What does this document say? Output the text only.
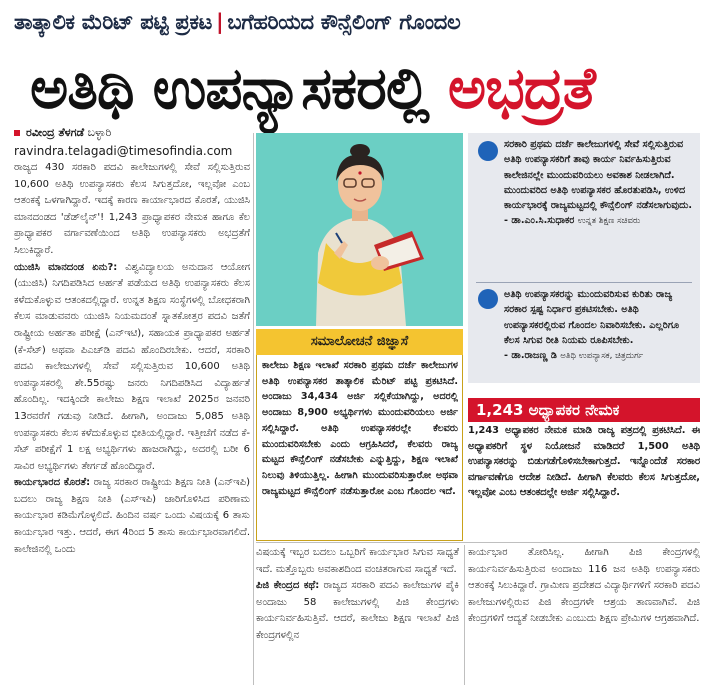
ತಾತ್ಕಾಲಿಕ ಮೆರಿಟ್ ಪಟ್ಟಿ ಪ್ರಕಟ | ಬಗೆಹರಿಯದ ಕೌನ್ಸೆಲಿಂಗ್ ಗೊಂದಲ
ಅತಿಥಿ ಉಪನ್ಯಾಸಕರಲ್ಲಿ ಅಭದ್ರತೆ
ರವೀಂದ್ರ ತೆಳಗಡೆ ಬಳ್ಳಾರಿ
ravindra.telagadi@timesofindia.com

ರಾಜ್ಯದ 430 ಸರಕಾರಿ ಪದವಿ ಕಾಲೇಜುಗಳಲ್ಲಿ ಸೇವೆ ಸಲ್ಲಿಸುತ್ತಿರುವ 10,600 ಅತಿಥಿ ಉಪನ್ಯಾಸಕರು ಕೆಲಸ ಸಿಗುತ್ತದೋ, ಇಲ್ಲವೋ ಎಂಬ ಆತಂಕಕ್ಕೆ ಒಳಗಾಗಿದ್ದಾರೆ. ಇದಕ್ಕೆ ಕಾರಣ ಕಾರ್ಯಾಭಾರದ ಕೊರತೆ, ಯುಜಿಸಿ ಮಾನದಂಡದ 'ಡೆಡ್‌ಲೈನ್'! 1,243 ಪ್ರಾಧ್ಯಾಪಕರ ನೇಮಕ ಹಾಗೂ ಕೆಲ ಪ್ರಾಧ್ಯಾಪಕರ ವರ್ಗಾವಣೆಯಿಂದ ಅತಿಥಿ ಉಪನ್ಯಾಸಕರು ಅಭದ್ರತೆಗೆ ಸಿಲುಕಿದ್ದಾರೆ.

ಯುಜಿಸಿ ಮಾನದಂಡ ಏನು?: ವಿಶ್ವವಿದ್ಯಾಲಯ ಅನುದಾನ ಆಯೋಗ (ಯುಜಿಸಿ) ನಿಗದಿಪಡಿಸಿದ ಅರ್ಹತೆ ಪಡೆಯದ ಅತಿಥಿ ಉಪನ್ಯಾಸಕರು ಕೆಲಸ ಕಳೆದುಕೊಳ್ಳುವ ಆತಂಕದಲ್ಲಿದ್ದಾರೆ. ಉನ್ನತ ಶಿಕ್ಷಣ ಸಂಸ್ಥೆಗಳಲ್ಲಿ ಬೋಧಕರಾಗಿ ಕೆಲಸ ಮಾಡುವವರು ಯುಜಿಸಿ ನಿಯಮದಂತೆ ಸ್ನಾತಕೋತ್ತರ ಪದವಿ ಜತೆಗೆ ರಾಷ್ಟ್ರೀಯ ಅರ್ಹತಾ ಪರೀಕ್ಷೆ (ಎನ್‌ಇಟಿ), ಸಹಾಯಕ ಪ್ರಾಧ್ಯಾಪಕರ ಅರ್ಹತೆ (ಕೆ-ಸೆಟ್) ಅಥವಾ ಪಿಎಚ್‌ಡಿ ಪದವಿ ಹೊಂದಿರಬೇಕು. ಆದರೆ, ಸರಕಾರಿ ಪದವಿ ಕಾಲೇಜುಗಳಲ್ಲಿ ಸೇವೆ ಸಲ್ಲಿಸುತ್ತಿರುವ 10,600 ಅತಿಥಿ ಉಪನ್ಯಾಸಕರಲ್ಲಿ ಶೇ.55ರಷ್ಟು ಜನರು ನಿಗದಿಪಡಿಸಿದ ವಿದ್ಯಾರ್ಹತೆ ಹೊಂದಿಲ್ಲ. ಇದಕ್ಕಿಂದೇ ಕಾಲೇಜು ಶಿಕ್ಷಣ ಇಲಾಖೆ 2025ರ ಜನವರಿ 13ರವರೆಗೆ ಗಡುವು ನೀಡಿದೆ. ಹೀಗಾಗಿ, ಅಂದಾಜು 5,085 ಅತಿಥಿ ಉಪನ್ಯಾಸಕರು ಕೆಲಸ ಕಳೆದುಕೊಳ್ಳುವ ಭೀತಿಯಲ್ಲಿದ್ದಾರೆ. ಇತ್ತೀಚೆಗೆ ನಡೆದ ಕೆ-ಸೆಟ್ ಪರೀಕ್ಷೆಗೆ 1 ಲಕ್ಷ ಅಭ್ಯರ್ಥಿಗಳು ಹಾಜರಾಗಿದ್ದು, ಅದರಲ್ಲಿ ಬರೀ 6 ಸಾವಿರ ಅಭ್ಯರ್ಥಿಗಳು ತೇರ್ಗಡೆ ಹೊಂದಿದ್ದಾರೆ.

ಕಾರ್ಯಭಾರದ ಕೊರತೆ: ರಾಜ್ಯ ಸರಕಾರ ರಾಷ್ಟ್ರೀಯ ಶಿಕ್ಷಣ ನೀತಿ (ಎನ್‌ಇಪಿ) ಬದಲು ರಾಜ್ಯ ಶಿಕ್ಷಣ ನೀತಿ (ಎಸ್‌ಇಪಿ) ಜಾರಿಗೊಳಿಸಿದ ಪರಿಣಾಮ ಕಾರ್ಯಭಾರ ಕಡಿಮೆಗೊಳ್ಳಲಿದೆ. ಹಿಂದಿನ ವರ್ಷ ಒಂದು ವಿಷಯಕ್ಕೆ 6 ತಾಸು ಕಾರ್ಯಭಾರ ಇತ್ತು. ಆದರೆ, ಈಗ 4ರಿಂದ 5 ತಾಸು ಕಾರ್ಯಭಾರವಾಗಲಿದೆ. ಕಾಲೇಜಿನಲ್ಲಿ ಒಂದು

ಸಮಾಲೋಚನೆ ಜಿಜ್ಞಾಸೆ
ಕಾಲೇಜು ಶಿಕ್ಷಣ ಇಲಾಖೆ ಸರಕಾರಿ ಪ್ರಥಮ ದರ್ಜೆ ಕಾಲೇಜುಗಳ ಅತಿಥಿ ಉಪನ್ಯಾಸಕರ ತಾತ್ಕಾಲಿಕ ಮೆರಿಟ್ ಪಟ್ಟಿ ಪ್ರಕಟಿಸಿದೆ. ಅಂದಾಜು 34,434 ಅರ್ಜಿ ಸಲ್ಲಿಕೆಯಾಗಿದ್ದು, ಅದರಲ್ಲಿ ಅಂದಾಜು 8,900 ಅಭ್ಯರ್ಥಿಗಳು ಮುಂದುವರಿಯಲು ಅರ್ಜಿ ಸಲ್ಲಿಸಿದ್ದಾರೆ. ಅತಿಥಿ ಉಪನ್ಯಾಸಕರಲ್ಲೇ ಕೆಲವರು ಮುಂದುವರಿಸಬೇಕು ಎಂದು ಆಗ್ರಹಿಸಿದರೆ, ಕೆಲವರು ರಾಜ್ಯ ಮಟ್ಟದ ಕೌನ್ಸೆಲಿಂಗ್ ನಡೆಸಬೇಕು ಎನ್ನುತ್ತಿದ್ದು, ಶಿಕ್ಷಣ ಇಲಾಖೆ ನಿಲುವು ತಿಳಿಯುತ್ತಿಲ್ಲ. ಹೀಗಾಗಿ ಮುಂದುವರಿಸುತ್ತಾರೋ ಅಥವಾ ರಾಜ್ಯಮಟ್ಟದ ಕೌನ್ಸೆಲಿಂಗ್ ನಡೆಸುತ್ತಾರೋ ಎಂಬ ಗೊಂದಲ ಇದೆ.
ಸರಕಾರಿ ಪ್ರಥಮ ದರ್ಜೆ ಕಾಲೇಜುಗಳಲ್ಲಿ ಸೇವೆ ಸಲ್ಲಿಸುತ್ತಿರುವ ಅತಿಥಿ ಉಪನ್ಯಾಸಕರಿಗೆ ತಾವು ಕಾರ್ಯ ನಿರ್ವಹಿಸುತ್ತಿರುವ ಕಾಲೇಜಿನಲ್ಲೇ ಮುಂದುವರಿಯಲು ಅವಕಾಶ ನೀಡಲಾಗಿದೆ. ಮುಂದುವರಿದ ಅತಿಥಿ ಉಪನ್ಯಾಸಕರ ಹೊರತುಪಡಿಸಿ, ಉಳಿದ ಕಾರ್ಯಭಾರಕ್ಕೆ ರಾಜ್ಯಮಟ್ಟದಲ್ಲಿ ಕೌನ್ಸೆಲಿಂಗ್ ನಡೆಸಲಾಗುವುದು.
- ಡಾ.ಎಂ.ಸಿ.ಸುಧಾಕರ ಉನ್ನತ ಶಿಕ್ಷಣ ಸಚಿವರು
ಅತಿಥಿ ಉಪನ್ಯಾಸಕರನ್ನು ಮುಂದುವರಿಸುವ ಕುರಿತು ರಾಜ್ಯ ಸರಕಾರ ಸ್ಪಷ್ಟ ನಿರ್ಧಾರ ಪ್ರಕಟಿಸಬೇಕು. ಅತಿಥಿ ಉಪನ್ಯಾಸಕರಲ್ಲಿರುವ ಗೊಂದಲ ನಿವಾರಿಸಬೇಕು. ಎಲ್ಲರಿಗೂ ಕೆಲಸ ಸಿಗುವ ರೀತಿ ನಿಯಮ ರೂಪಿಸಬೇಕು.
- ಡಾ.ರಾಜಣ್ಣ ಡಿ ಅತಿಥಿ ಉಪನ್ಯಾಸಕ, ಚಿತ್ರದುರ್ಗ
1,243 ಅಧ್ಯಾಪಕರ ನೇಮಕ
1,243 ಅಧ್ಯಾಪಕರ ನೇಮಕ ಮಾಡಿ ರಾಜ್ಯ ಪತ್ರದಲ್ಲಿ ಪ್ರಕಟಿಸಿದೆ. ಈ ಅಧ್ಯಾಪಕರಿಗೆ ಸ್ಥಳ ನಿಯೋಜನೆ ಮಾಡಿದರೆ 1,500 ಅತಿಥಿ ಉಪನ್ಯಾಸಕರನ್ನು ಬಿಡುಗಡೆಗೊಳಿಸಬೇಕಾಗುತ್ತದೆ. ಇನ್ನೊಂದೆಡೆ ಸರಕಾರ ವರ್ಗಾವಣೆಗೂ ಆದೇಶ ನೀಡಿದೆ. ಹೀಗಾಗಿ ಕೆಲವರು ಕೆಲಸ ಸಿಗುತ್ತದೋ, ಇಲ್ಲವೋ ಎಂಬ ಆತಂಕದಲ್ಲೇ ಅರ್ಜಿ ಸಲ್ಲಿಸಿದ್ದಾರೆ.

ವಿಷಯಕ್ಕೆ ಇಬ್ಬರ ಬದಲು ಒಬ್ಬರಿಗೆ ಕಾರ್ಯಭಾರ ಸಿಗುವ ಸಾಧ್ಯತೆ ಇದೆ. ಮತ್ತೊಬ್ಬರು ಅವಕಾಶದಿಂದ ವಂಚಿತರಾಗುವ ಸಾಧ್ಯತೆ ಇದೆ.

ಪಿಜಿ ಕೇಂದ್ರದ ಕಥೆ: ರಾಜ್ಯದ ಸರಕಾರಿ ಪದವಿ ಕಾಲೇಜುಗಳ ಪೈಕಿ ಅಂದಾಜು 58 ಕಾಲೇಜುಗಳಲ್ಲಿ ಪಿಜಿ ಕೇಂದ್ರಗಳು ಕಾರ್ಯನಿರ್ವಹಿಸುತ್ತಿವೆ. ಆದರೆ, ಕಾಲೇಜು ಶಿಕ್ಷಣ ಇಲಾಖೆ ಪಿಜಿ ಕೇಂದ್ರಗಳಲ್ಲಿನ

ಕಾರ್ಯಭಾರ ತೋರಿಸಿಲ್ಲ. ಹೀಗಾಗಿ ಪಿಜಿ ಕೇಂದ್ರಗಳಲ್ಲಿ ಕಾರ್ಯನಿರ್ವಹಿಸುತ್ತಿರುವ ಅಂದಾಜು 116 ಜನ ಅತಿಥಿ ಉಪನ್ಯಾಸಕರು ಆತಂಕಕ್ಕೆ ಸಿಲುಕಿದ್ದಾರೆ. ಗ್ರಾಮೀಣ ಪ್ರದೇಶದ ವಿದ್ಯಾರ್ಥಿಗಳಿಗೆ ಸರಕಾರಿ ಪದವಿ ಕಾಲೇಜುಗಳಲ್ಲಿರುವ ಪಿಜಿ ಕೇಂದ್ರಗಳೇ ಆಶ್ರಯ ತಾಣವಾಗಿವೆ. ಪಿಜಿ ಕೇಂದ್ರಗಳಿಗೆ ಆದ್ಯತೆ ನೀಡಬೇಕು ಎಂಬುದು ಶಿಕ್ಷಣ ಪ್ರೇಮಿಗಳ ಆಗ್ರಹವಾಗಿದೆ.
